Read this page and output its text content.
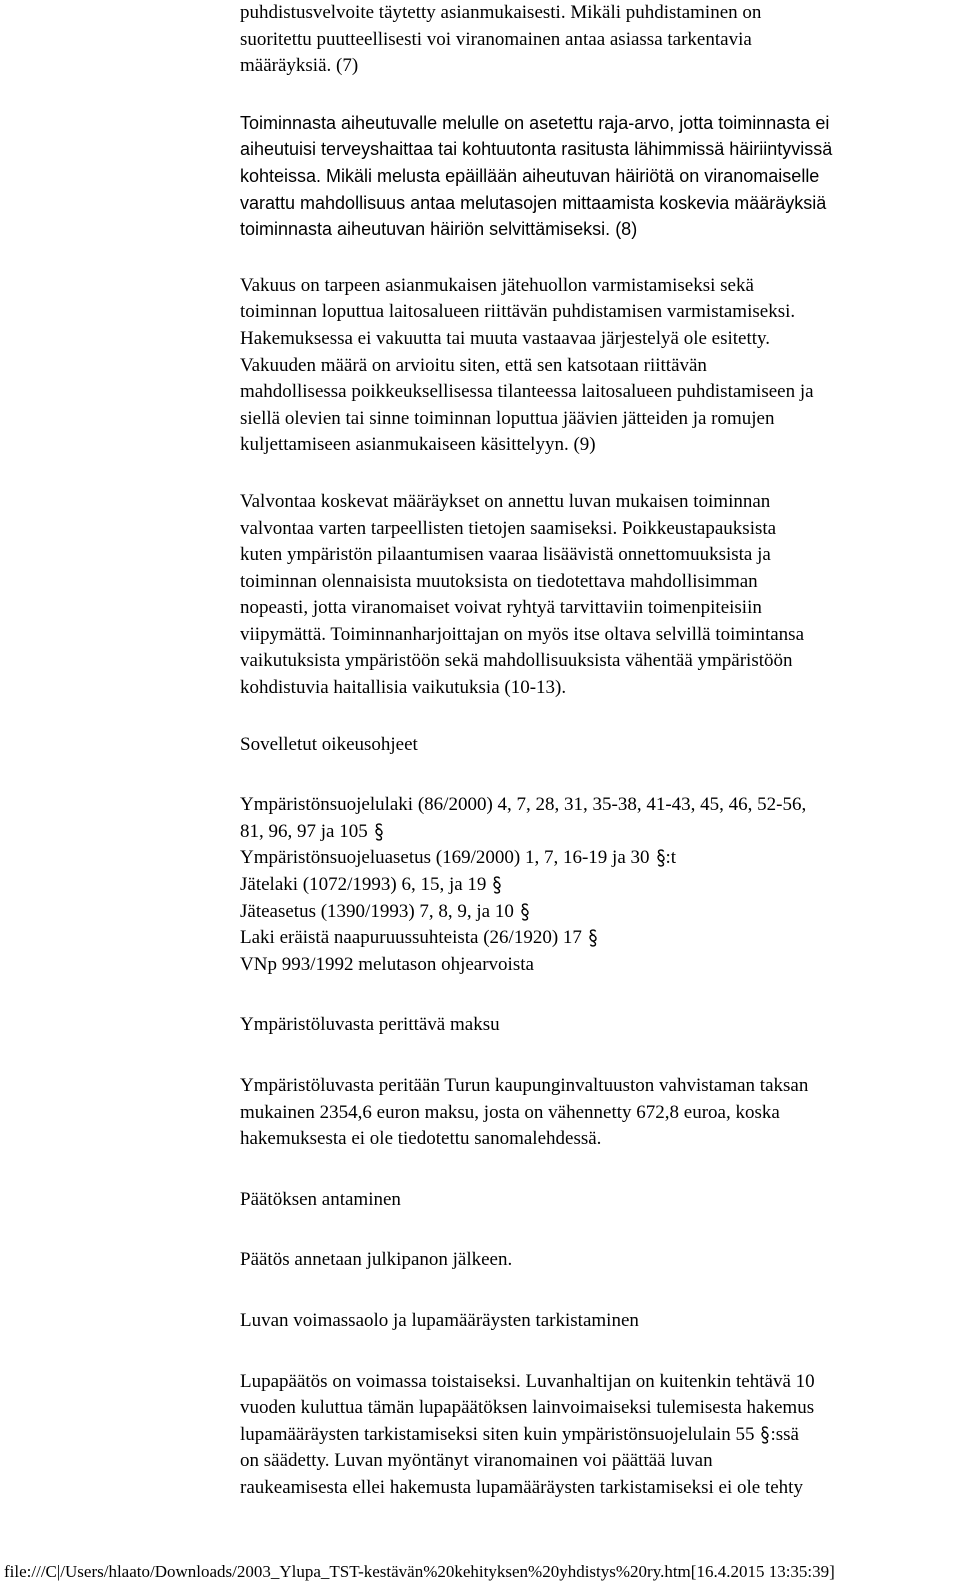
puhdistusvelvoite täytetty asianmukaisesti. Mikäli puhdistaminen on
suoritettu puutteellisesti voi viranomainen antaa asiassa tarkentavia
määräyksiä. (7)
Toiminnasta aiheutuvalle melulle on asetettu raja-arvo, jotta toiminnasta ei
aiheutuisi terveyshaittaa tai kohtuutonta rasitusta lähimmissä häiriintyvissä
kohteissa. Mikäli melusta epäillään aiheutuvan häiriötä on viranomaiselle
varattu mahdollisuus antaa melutasojen mittaamista koskevia määräyksiä
toiminnasta aiheutuvan häiriön selvittämiseksi. (8)
Vakuus on tarpeen asianmukaisen jätehuollon varmistamiseksi sekä
toiminnan loputtua laitosalueen riittävän puhdistamisen varmistamiseksi.
Hakemuksessa ei vakuutta tai muuta vastaavaa järjestelyä ole esitetty.
Vakuuden määrä on arvioitu siten, että sen katsotaan riittävän
mahdollisessa poikkeuksellisessa tilanteessa laitosalueen puhdistamiseen ja
siellä olevien tai sinne toiminnan loputtua jäävien jätteiden ja romujen
kuljettamiseen asianmukaiseen käsittelyyn. (9)
Valvontaa koskevat määräykset on annettu luvan mukaisen toiminnan
valvontaa varten tarpeellisten tietojen saamiseksi. Poikkeustapauksista
kuten ympäristön pilaantumisen vaaraa lisäävistä onnettomuuksista ja
toiminnan olennaisista muutoksista on tiedotettava mahdollisimman
nopeasti, jotta viranomaiset voivat ryhtyä tarvittaviin toimenpiteisiin
viipymättä. Toiminnanharjoittajan on myös itse oltava selvillä toimintansa
vaikutuksista ympäristöön sekä mahdollisuuksista vähentää ympäristöön
kohdistuvia haitallisia vaikutuksia (10-13).
Sovelletut oikeusohjeet
Ympäristönsuojelulaki (86/2000) 4, 7, 28, 31, 35-38, 41-43, 45, 46, 52-56,
81, 96, 97 ja 105
Ympäristönsuojeluasetus (169/2000) 1, 7, 16-19 ja 30 :t
Jätelaki (1072/1993) 6, 15, ja 19
Jäteasetus (1390/1993) 7, 8, 9, ja 10
Laki eräistä naapuruussuhteista (26/1920) 17
VNp 993/1992 melutason ohjearvoista
Ympäristöluvasta perittävä maksu
Ympäristöluvasta peritään Turun kaupunginvaltuuston vahvistaman taksan
mukainen 2354,6 euron maksu, josta on vähennetty 672,8 euroa, koska
hakemuksesta ei ole tiedotettu sanomalehdessä.
Päätöksen antaminen
Päätös annetaan julkipanon jälkeen.
Luvan voimassaolo ja lupamääräysten tarkistaminen
Lupapäätös on voimassa toistaiseksi. Luvanhaltijan on kuitenkin tehtävä 10
vuoden kuluttua tämän lupapäätöksen lainvoimaiseksi tulemisesta hakemus
lupamääräysten tarkistamiseksi siten kuin ympäristönsuojelulain 55 :ssä
on säädetty. Luvan myöntänyt viranomainen voi päättää luvan
raukeamisesta ellei hakemusta lupamääräysten tarkistamiseksi ei ole tehty
file:///C|/Users/hlaato/Downloads/2003_Ylupa_TST-kestävän%20kehityksen%20yhdistys%20ry.htm[16.4.2015 13:35:39]
